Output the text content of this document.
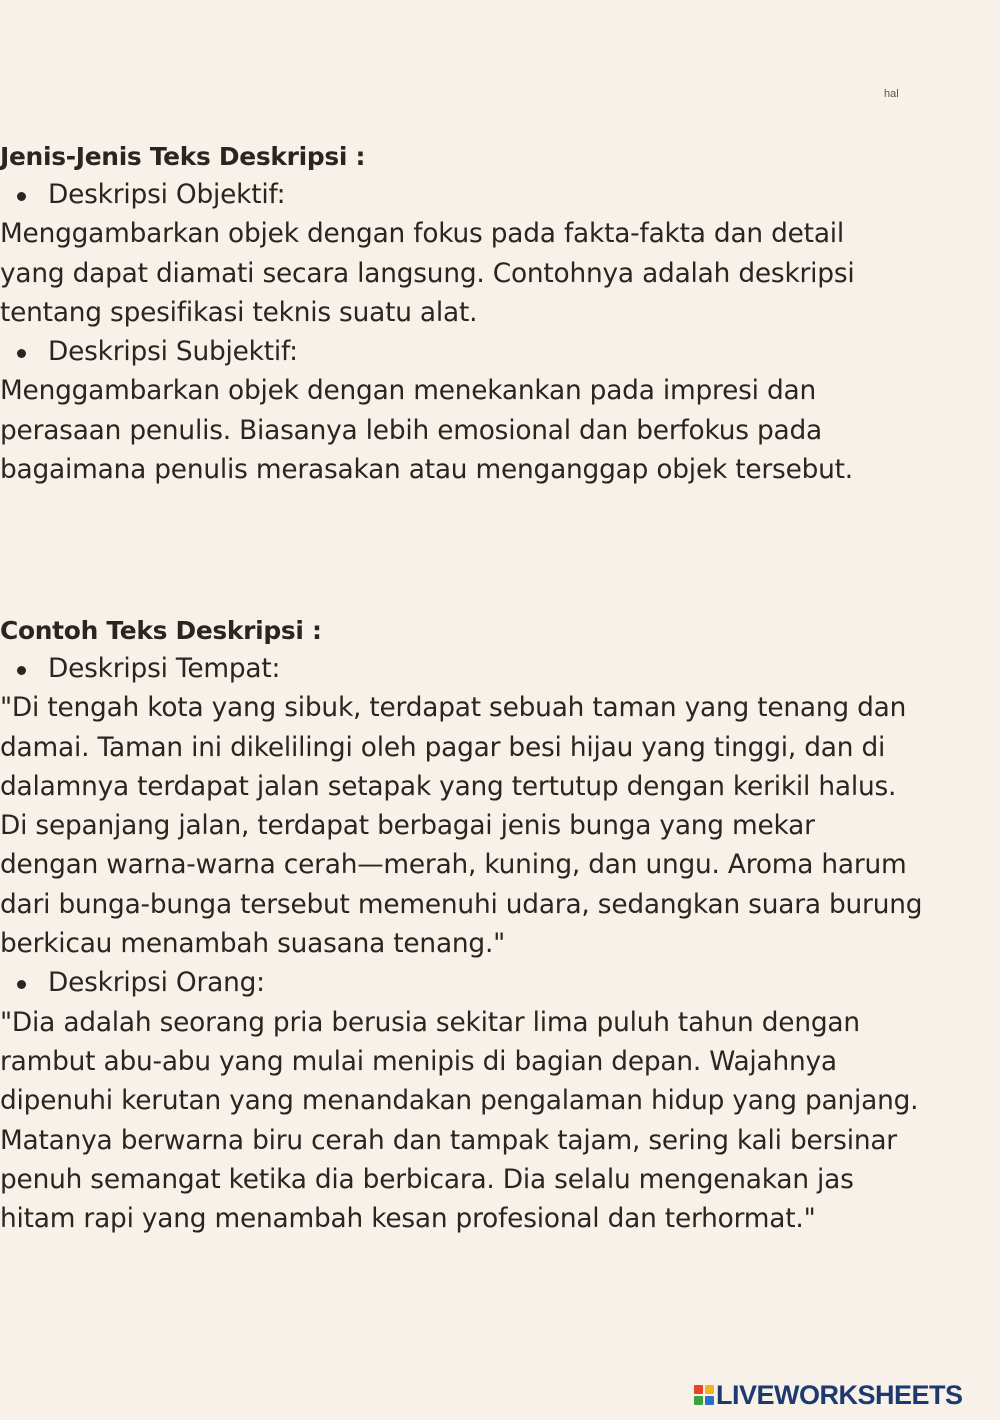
hal
Jenis-Jenis Teks Deskripsi :
Deskripsi Objektif:
Menggambarkan objek dengan fokus pada fakta-fakta dan detail
yang dapat diamati secara langsung. Contohnya adalah deskripsi
tentang spesifikasi teknis suatu alat.
Deskripsi Subjektif:
Menggambarkan objek dengan menekankan pada impresi dan
perasaan penulis. Biasanya lebih emosional dan berfokus pada
bagaimana penulis merasakan atau menganggap objek tersebut.
Contoh Teks Deskripsi :
Deskripsi Tempat:
"Di tengah kota yang sibuk, terdapat sebuah taman yang tenang dan
damai. Taman ini dikelilingi oleh pagar besi hijau yang tinggi, dan di
dalamnya terdapat jalan setapak yang tertutup dengan kerikil halus.
Di sepanjang jalan, terdapat berbagai jenis bunga yang mekar
dengan warna-warna cerah—merah, kuning, dan ungu. Aroma harum
dari bunga-bunga tersebut memenuhi udara, sedangkan suara burung
berkicau menambah suasana tenang."
Deskripsi Orang:
"Dia adalah seorang pria berusia sekitar lima puluh tahun dengan
rambut abu-abu yang mulai menipis di bagian depan. Wajahnya
dipenuhi kerutan yang menandakan pengalaman hidup yang panjang.
Matanya berwarna biru cerah dan tampak tajam, sering kali bersinar
penuh semangat ketika dia berbicara. Dia selalu mengenakan jas
hitam rapi yang menambah kesan profesional dan terhormat."
LIVEWORKSHEETS
